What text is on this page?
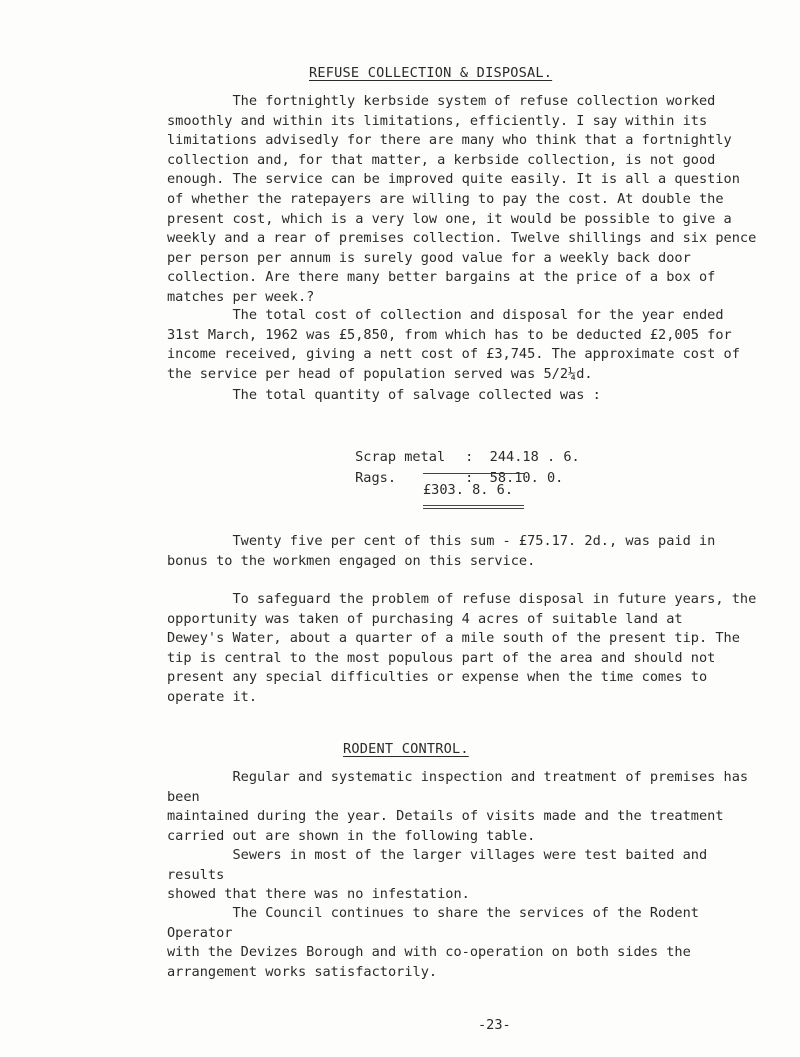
REFUSE COLLECTION & DISPOSAL.

The fortnightly kerbside system of refuse collection worked
smoothly and within its limitations, efficiently. I say within its
limitations advisedly for there are many who think that a fortnightly
collection and, for that matter, a kerbside collection, is not good
enough. The service can be improved quite easily. It is all a question
of whether the ratepayers are willing to pay the cost. At double the
present cost, which is a very low one, it would be possible to give a
weekly and a rear of premises collection. Twelve shillings and six pence
per person per annum is surely good value for a weekly back door
collection. Are there many better bargains at the price of a box of
matches per week.?

The total cost of collection and disposal for the year ended
31st March, 1962 was £5,850, from which has to be deducted £2,005 for
income received, giving a nett cost of £3,745. The approximate cost of
the service per head of population served was 5/2¼d.

The total quantity of salvage collected was :

Scrap metal :  244.18 . 6.

Rags.	:  58.10. 0.

£303. 8. 6.

Twenty five per cent of this sum - £75.17. 2d., was paid in
bonus to the workmen engaged on this service.

To safeguard the problem of refuse disposal in future years, the
opportunity was taken of purchasing 4 acres of suitable land at
Dewey's Water, about a quarter of a mile south of the present tip. The
tip is central to the most populous part of the area and should not
present any special difficulties or expense when the time comes to
operate it.

RODENT CONTROL.

Regular and systematic inspection and treatment of premises has been
maintained during the year. Details of visits made and the treatment
carried out are shown in the following table.

Sewers in most of the larger villages were test baited and results
showed that there was no infestation.

The Council continues to share the services of the Rodent Operator
with the Devizes Borough and with co-operation on both sides the
arrangement works satisfactorily.

-23-
